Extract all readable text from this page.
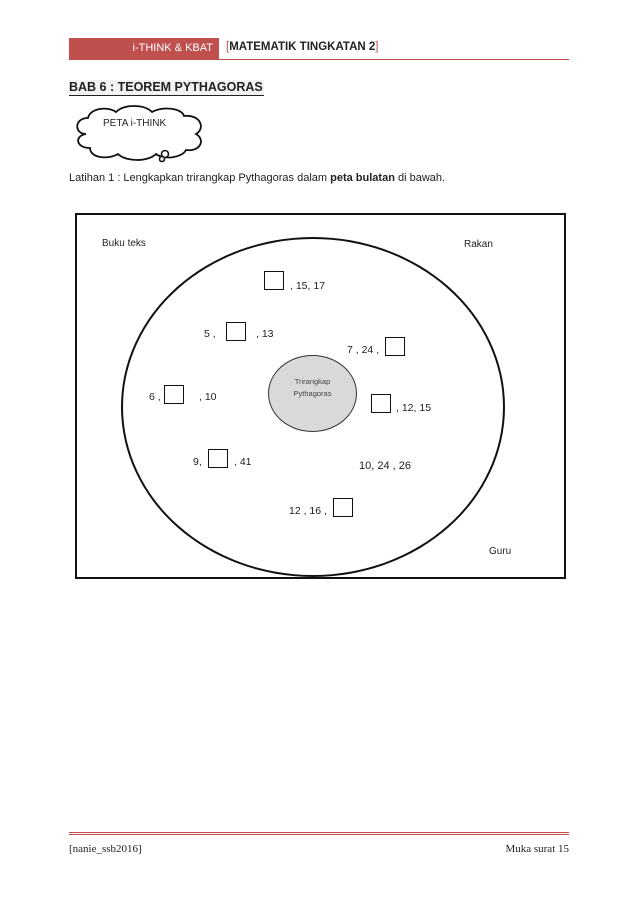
i-THINK & KBAT	[MATEMATIK TINGKATAN 2]
BAB 6 : TEOREM PYTHAGORAS
PETA i-THINK
Latihan 1 : Lengkapkan trirangkap Pythagoras dalam peta bulatan di bawah.
Trirangkap
Pythagoras
Buku teks	Rakan
Guru
, 15, 17
5 ,	, 13
7 , 24 ,
6 ,	, 10
, 12, 15
9,	, 41	10, 24 , 26
12 , 16 ,
[nanie_ssb2016]	Muka surat 15
